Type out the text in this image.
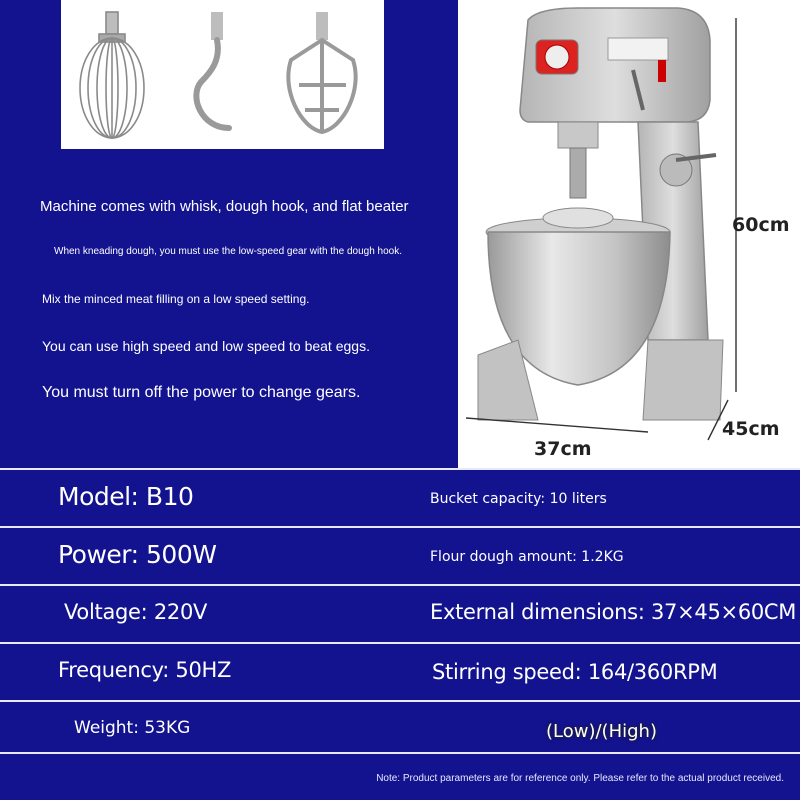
Machine comes with whisk, dough hook, and flat beater
When kneading dough, you must use the low-speed gear with the dough hook.
Mix the minced meat filling on a low speed setting.
You can use high speed and low speed to beat eggs.
You must turn off the power to change gears.
60cm
37cm
45cm
Model: B10	Bucket capacity: 10 liters
Power: 500W	Flour dough amount: 1.2KG
Voltage: 220V	External dimensions: 37×45×60CM
Frequency: 50HZ	Stirring speed: 164/360RPM
Weight: 53KG	(Low)/(High)
Note: Product parameters are for reference only. Please refer to the actual product received.
